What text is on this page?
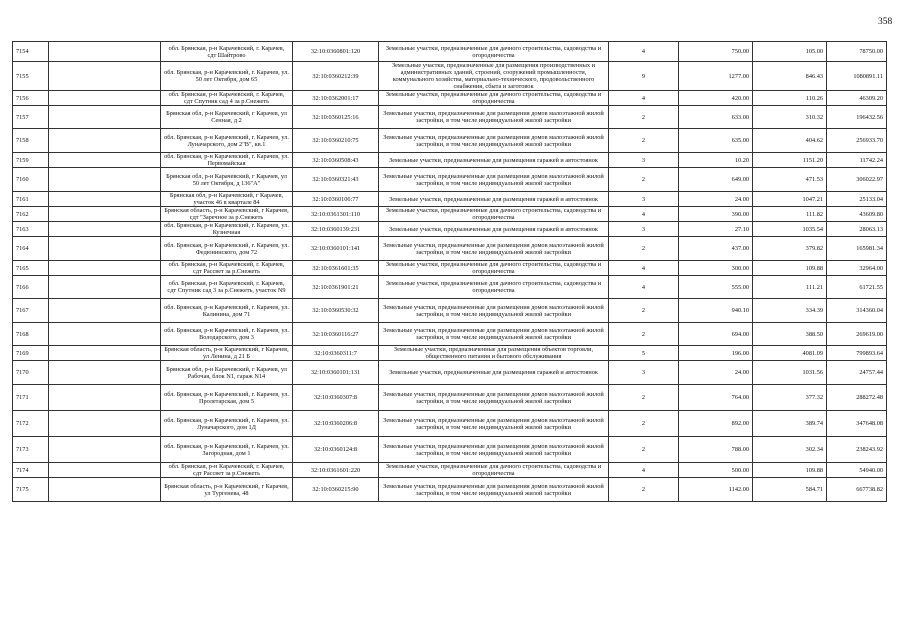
358
7154		обл. Брянская, р-н Карачевский, г. Карачев, сдт Шайтрово	32:10:0360801:120	Земельные участки, предназначенные для дачного строительства, садоводства и огородничества	4	750.00	105.00	78750.00
7155		обл. Брянская, р-н Карачевский, г. Карачев, ул. 50 лет Октября, дом 65	32:10:0360212:39	Земельные участки, предназначенные для размещения производственных и административных зданий, строений, сооружений промышленности, коммунального хозяйства, материально-технического, продовольственного снабжения, сбыта и заготовок	9	1277.00	846.43	1080891.11
7156		обл. Брянская, р-н Карачевский, г. Карачев, сдт Спутник сад 4 за р.Снежеть	32:10:0362001:17	Земельные участки, предназначенные для дачного строительства, садоводства и огородничества	4	420.00	110.26	46309.20
7157		Брянская обл, р-н Карачевский, г Карачев, ул Сенная, д 2	32:10:0360125:16	Земельные участки, предназначенные для размещения домов малоэтажной жилой застройки, в том числе индивидуальной жилой застройки	2	633.00	310.32	196432.56
7158		обл. Брянская, р-н Карачевский, г. Карачев, ул. Луначарского, дом 2"В", кв.1	32:10:0360210:75	Земельные участки, предназначенные для размещения домов малоэтажной жилой застройки, в том числе индивидуальной жилой застройки	2	635.00	404.62	256933.70
7159		обл. Брянская, р-н Карачевский, г. Карачев, ул. Первомайская	32:10:0360508:43	Земельные участки, предназначенные для размещения гаражей и автостоянок	3	10.20	1151.20	11742.24
7160		Брянская обл, р-н Карачевский, г Карачев, ул 50 лет Октября, д 136"А"	32:10:0360321:43	Земельные участки, предназначенные для размещения домов малоэтажной жилой застройки, в том числе индивидуальной жилой застройки	2	649.00	471.53	306022.97
7161		Брянская обл, р-н Карачевский, г Карачев, участок 46 в квартале 84	32:10:0360106:77	Земельные участки, предназначенные для размещения гаражей и автостоянок	3	24.00	1047.21	25133.04
7162		Брянская область, р-н Карачевский, г Карачев, сдт "Заречное за р.Снежеть	32:10:0361301:110	Земельные участки, предназначенные для дачного строительства, садоводства и огородничества	4	390.00	111.82	43609.80
7163		обл. Брянская, р-н Карачевский, г. Карачев, ул. Кузнечная	32:10:0360139:231	Земельные участки, предназначенные для размещения гаражей и автостоянок	3	27.10	1035.54	28063.13
7164		обл. Брянская, р-н Карачевский, г. Карачев, ул. Федюнинского, дом 72	32:10:0360101:141	Земельные участки, предназначенные для размещения домов малоэтажной жилой застройки, в том числе индивидуальной жилой застройки	2	437.00	379.82	165981.34
7165		обл. Брянская, р-н Карачевский, г. Карачев, сдт Рассвет за р.Снежеть	32:10:0361601:35	Земельные участки, предназначенные для дачного строительства, садоводства и огородничества	4	300.00	109.88	32964.00
7166		обл. Брянская, р-н Карачевский, г. Карачев, сдт Спутник сад 3 за р.Снежеть, участок N9	32:10:0361901:21	Земельные участки, предназначенные для дачного строительства, садоводства и огородничества	4	555.00	111.21	61721.55
7167		обл. Брянская, р-н Карачевский, г. Карачев, ул. Калинина, дом 71	32:10:0360530:32	Земельные участки, предназначенные для размещения домов малоэтажной жилой застройки, в том числе индивидуальной жилой застройки	2	940.10	334.39	314360.04
7168		обл. Брянская, р-н Карачевский, г. Карачев, ул. Володарского, дом 3	32:10:0360116:27	Земельные участки, предназначенные для размещения домов малоэтажной жилой застройки, в том числе индивидуальной жилой застройки	2	694.00	388.50	269619.00
7169		Брянская область, р-н Карачевский, г Карачев, ул Ленина, д 21 Б	32:10:0360311:7	Земельные участки, предназначенные для размещения объектов торговли, общественного питания и бытового обслуживания	5	196.00	4081.09	799893.64
7170		Брянская обл, р-н Карачевский, г Карачев, ул Рабочая, блок N1, гараж N14	32:10:0360101:131	Земельные участки, предназначенные для размещения гаражей и автостоянок	3	24.00	1031.56	24757.44
7171		обл. Брянская, р-н Карачевский, г. Карачев, ул. Пролетарская, дом 5	32:10:0360307:8	Земельные участки, предназначенные для размещения домов малоэтажной жилой застройки, в том числе индивидуальной жилой застройки	2	764.00	377.32	288272.48
7172		обл. Брянская, р-н Карачевский, г. Карачев, ул. Луначарского, дом 1Д	32:10:0360206:8	Земельные участки, предназначенные для размещения домов малоэтажной жилой застройки, в том числе индивидуальной жилой застройки	2	892.00	389.74	347648.08
7173		обл. Брянская, р-н Карачевский, г. Карачев, ул. Загородная, дом 1	32:10:0360124:8	Земельные участки, предназначенные для размещения домов малоэтажной жилой застройки, в том числе индивидуальной жилой застройки	2	788.00	302.34	238243.92
7174		обл. Брянская, р-н Карачевский, г. Карачев, сдт Рассвет за р.Снежеть	32:10:0361601:220	Земельные участки, предназначенные для дачного строительства, садоводства и огородничества	4	500.00	109.88	54940.00
7175		Брянская область, р-н Карачевский, г Карачев, ул Тургенева, 48	32:10:0360215:90	Земельные участки, предназначенные для размещения домов малоэтажной жилой застройки, в том числе индивидуальной жилой застройки	2	1142.00	584.71	667738.82
